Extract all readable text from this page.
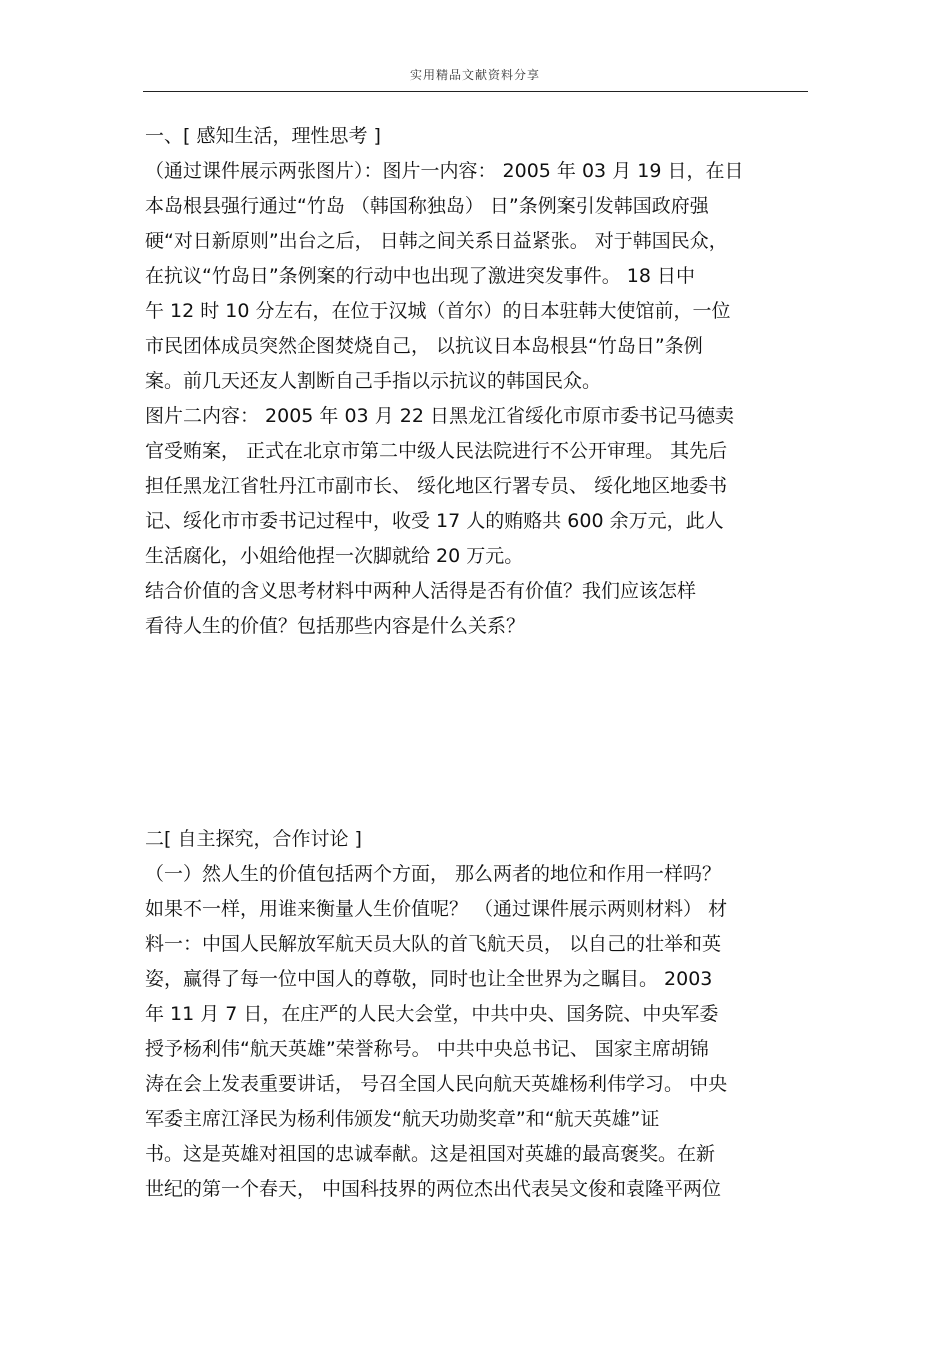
实用精品文献资料分享
一、[ 感知生活，理性思考 ]
（通过课件展示两张图片）：图片一内容： 2005 年 03 月 19 日，在日
本岛根县强行通过“竹岛 （韩国称独岛） 日”条例案引发韩国政府强
硬“对日新原则”出台之后， 日韩之间关系日益紧张。 对于韩国民众，
在抗议“竹岛日”条例案的行动中也出现了激进突发事件。 18 日中
午 12 时 10 分左右，在位于汉城（首尔）的日本驻韩大使馆前，一位
市民团体成员突然企图焚烧自己， 以抗议日本岛根县“竹岛日”条例
案。前几天还友人割断自己手指以示抗议的韩国民众。
图片二内容： 2005 年 03 月 22 日黑龙江省绥化市原市委书记马德卖
官受贿案， 正式在北京市第二中级人民法院进行不公开审理。 其先后
担任黑龙江省牡丹江市副市长、 绥化地区行署专员、 绥化地区地委书
记、绥化市市委书记过程中，收受 17 人的贿赂共 600 余万元，此人
生活腐化，小姐给他捏一次脚就给 20 万元。
结合价值的含义思考材料中两种人活得是否有价值？我们应该怎样
看待人生的价值？包括那些内容是什么关系？
二[ 自主探究，合作讨论 ]
（一）然人生的价值包括两个方面， 那么两者的地位和作用一样吗？
如果不一样，用谁来衡量人生价值呢？ （通过课件展示两则材料） 材
料一：中国人民解放军航天员大队的首飞航天员， 以自己的壮举和英
姿，赢得了每一位中国人的尊敬，同时也让全世界为之瞩目。 2003
年 11 月 7 日，在庄严的人民大会堂，中共中央、国务院、中央军委
授予杨利伟“航天英雄”荣誉称号。 中共中央总书记、 国家主席胡锦
涛在会上发表重要讲话， 号召全国人民向航天英雄杨利伟学习。 中央
军委主席江泽民为杨利伟颁发“航天功勋奖章”和“航天英雄”证
书。这是英雄对祖国的忠诚奉献。这是祖国对英雄的最高褒奖。在新
世纪的第一个春天， 中国科技界的两位杰出代表吴文俊和袁隆平两位
